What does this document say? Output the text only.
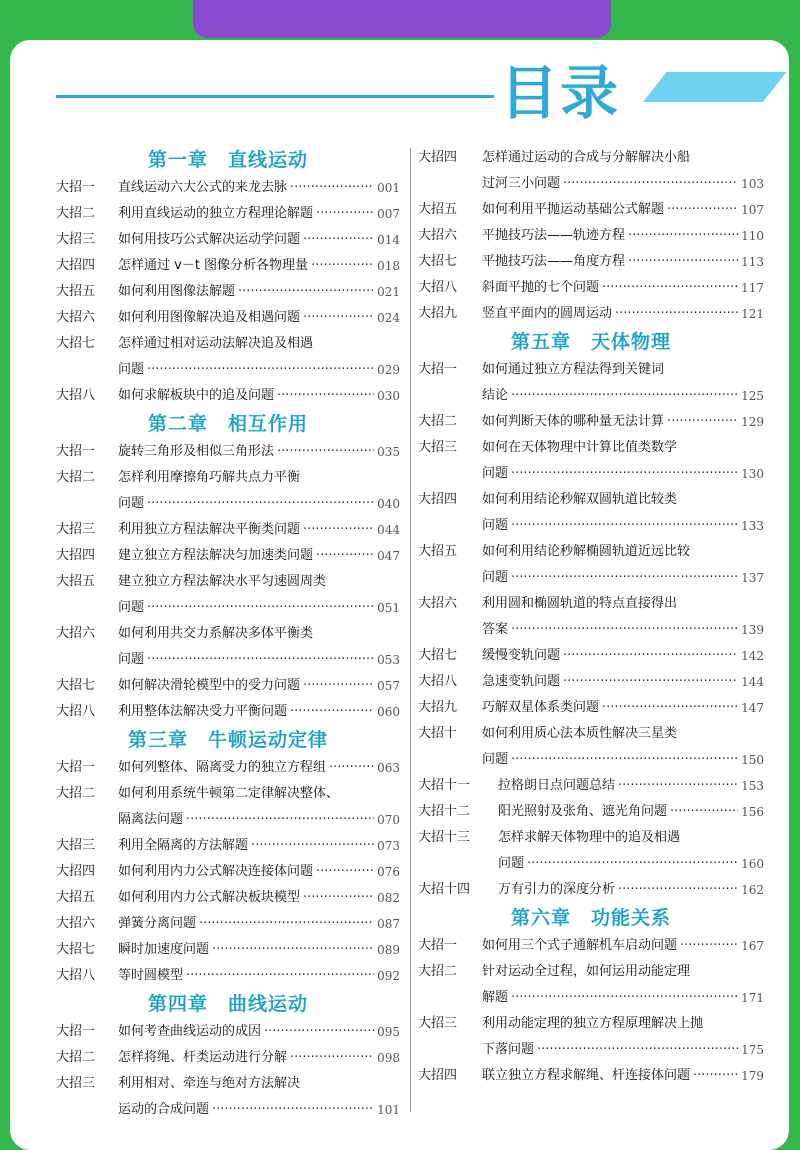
目录
第一章　直线运动
大招一	直线运动六大公式的来龙去脉 ·····	001
大招二	利用直线运动的独立方程理论解题 ·····	007
大招三	如何用技巧公式解决运动学问题 ·····	014
大招四	怎样通过 v－t 图像分析各物理量 ·····	018
大招五	如何利用图像法解题 ·····	021
大招六	如何利用图像解决追及相遇问题 ·····	024
大招七	怎样通过相对运动法解决追及相遇
问题 ·····	029
大招八	如何求解板块中的追及问题 ·····	030
第二章　相互作用
大招一	旋转三角形及相似三角形法 ·····	035
大招二	怎样利用摩擦角巧解共点力平衡
问题 ·····	040
大招三	利用独立方程法解决平衡类问题 ·····	044
大招四	建立独立方程法解决匀加速类问题 ·····	047
大招五	建立独立方程法解决水平匀速圆周类
问题 ·····	051
大招六	如何利用共交力系解决多体平衡类
问题 ·····	053
大招七	如何解决滑轮模型中的受力问题 ·····	057
大招八	利用整体法解决受力平衡问题 ·····	060
第三章　牛顿运动定律
大招一	如何列整体、隔离受力的独立方程组 ·····	063
大招二	如何利用系统牛顿第二定律解决整体、
隔离法问题 ·····	070
大招三	利用全隔离的方法解题 ·····	073
大招四	如何利用内力公式解决连接体问题 ·····	076
大招五	如何利用内力公式解决板块模型 ·····	082
大招六	弹簧分离问题 ·····	087
大招七	瞬时加速度问题 ·····	089
大招八	等时圆模型 ·····	092
第四章　曲线运动
大招一	如何考查曲线运动的成因 ·····	095
大招二	怎样将绳、杆类运动进行分解 ·····	098
大招三	利用相对、牵连与绝对方法解决
运动的合成问题 ·····	101
大招四	怎样通过运动的合成与分解解决小船
过河三小问题 ·····	103
大招五	如何利用平抛运动基础公式解题 ·····	107
大招六	平抛技巧法——轨迹方程 ·····	110
大招七	平抛技巧法——角度方程 ·····	113
大招八	斜面平抛的七个问题 ·····	117
大招九	竖直平面内的圆周运动 ·····	121
第五章　天体物理
大招一	如何通过独立方程法得到关键词
结论 ·····	125
大招二	如何判断天体的哪种量无法计算 ·····	129
大招三	如何在天体物理中计算比值类数学
问题 ·····	130
大招四	如何利用结论秒解双圆轨道比较类
问题 ·····	133
大招五	如何利用结论秒解椭圆轨道近远比较
问题 ·····	137
大招六	利用圆和椭圆轨道的特点直接得出
答案 ·····	139
大招七	缓慢变轨问题 ·····	142
大招八	急速变轨问题 ·····	144
大招九	巧解双星体系类问题 ·····	147
大招十	如何利用质心法本质性解决三星类
问题 ·····	150
大招十一	拉格朗日点问题总结 ·····	153
大招十二	阳光照射及张角、遮光角问题 ·····	156
大招十三	怎样求解天体物理中的追及相遇
问题 ·····	160
大招十四	万有引力的深度分析 ·····	162
第六章　功能关系
大招一	如何用三个式子通解机车启动问题 ·····	167
大招二	针对运动全过程，如何运用动能定理
解题 ·····	171
大招三	利用动能定理的独立方程原理解决上抛
下落问题 ·····	175
大招四	联立独立方程求解绳、杆连接体问题 ·····	179
